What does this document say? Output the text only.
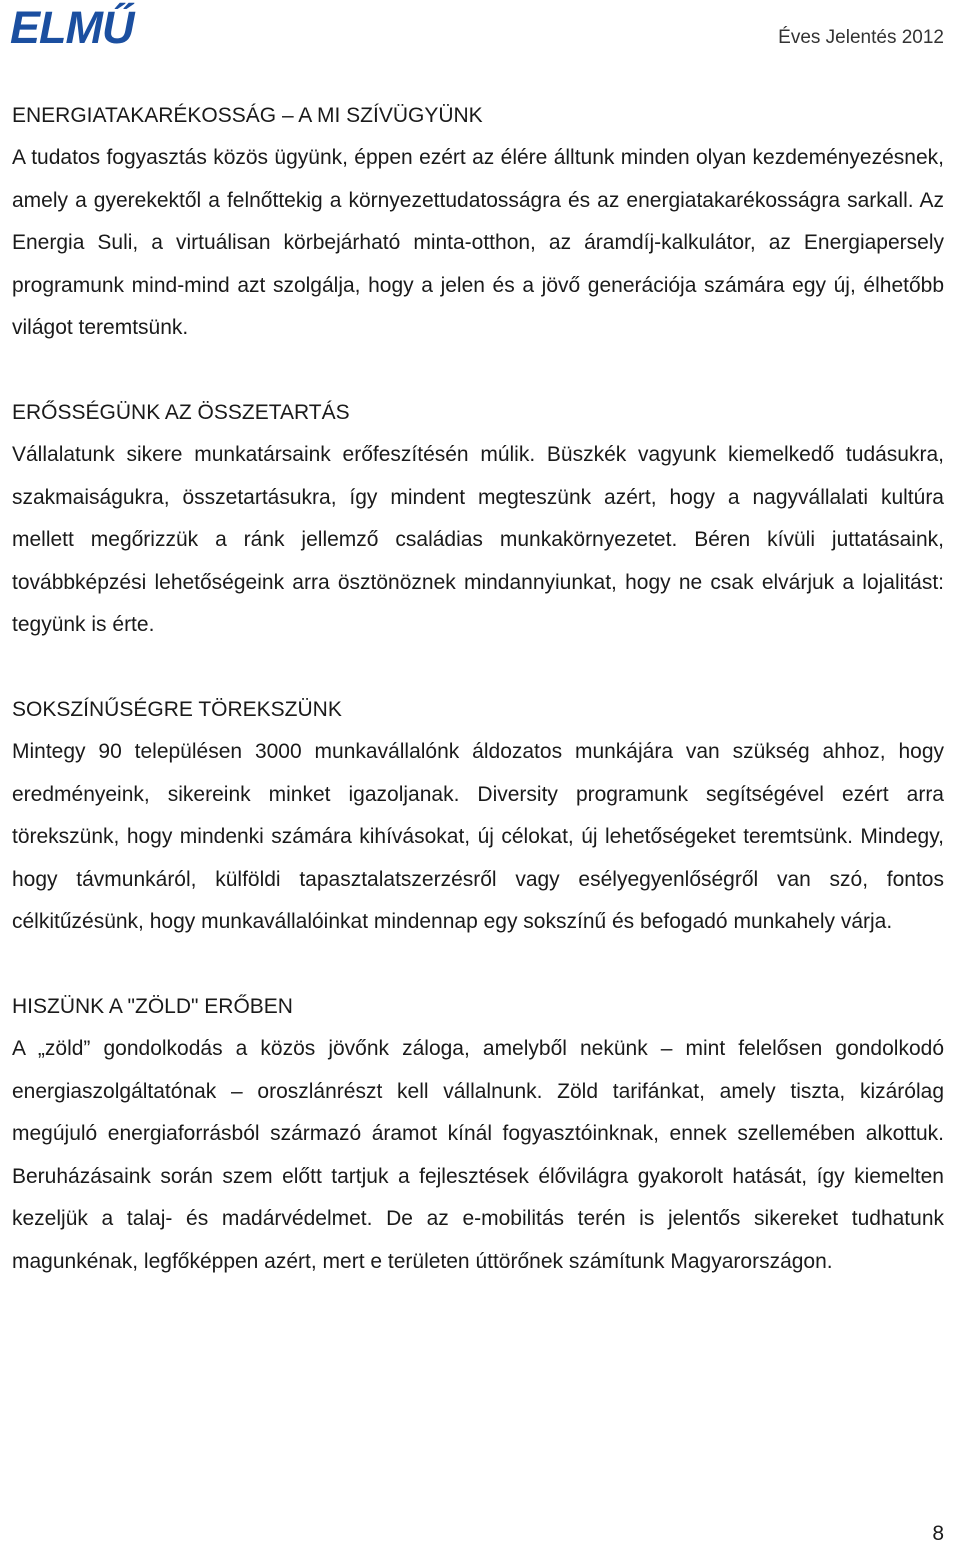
ELMŰ	Éves Jelentés 2012
ENERGIATAKARÉKOSSÁG – A MI SZÍVÜGYÜNK

A tudatos fogyasztás közös ügyünk, éppen ezért az élére álltunk minden olyan kezdeményezésnek, amely a gyerekektől a felnőttekig a környezettudatosságra és az energiatakarékosságra sarkall. Az Energia Suli, a virtuálisan körbejárható minta-otthon, az áramdíj-kalkulátor, az Energiapersely programunk mind-mind azt szolgálja, hogy a jelen és a jövő generációja számára egy új, élhetőbb világot teremtsünk.

ERŐSSÉGÜNK AZ ÖSSZETARTÁS

Vállalatunk sikere munkatársaink erőfeszítésén múlik. Büszkék vagyunk kiemelkedő tudásukra, szakmaiságukra, összetartásukra, így mindent megteszünk azért, hogy a nagyvállalati kultúra mellett megőrizzük a ránk jellemző családias munkakörnyezetet. Béren kívüli juttatásaink, továbbképzési lehetőségeink arra ösztönöznek mindannyiunkat, hogy ne csak elvárjuk a lojalitást: tegyünk is érte.

SOKSZÍNŰSÉGRE TÖREKSZÜNK

Mintegy 90 településen 3000 munkavállalónk áldozatos munkájára van szükség ahhoz, hogy eredményeink, sikereink minket igazoljanak. Diversity programunk segítségével ezért arra törekszünk, hogy mindenki számára kihívásokat, új célokat, új lehetőségeket teremtsünk. Mindegy, hogy távmunkáról, külföldi tapasztalatszerzésről vagy esélyegyenlőségről van szó, fontos célkitűzésünk, hogy munkavállalóinkat mindennap egy sokszínű és befogadó munkahely várja.

HISZÜNK A "ZÖLD" ERŐBEN

A „zöld” gondolkodás a közös jövőnk záloga, amelyből nekünk – mint felelősen gondolkodó energiaszolgáltatónak – oroszlánrészt kell vállalnunk. Zöld tarifánkat, amely tiszta, kizárólag megújuló energiaforrásból származó áramot kínál fogyasztóinknak, ennek szellemében alkottuk. Beruházásaink során szem előtt tartjuk a fejlesztések élővilágra gyakorolt hatását, így kiemelten kezeljük a talaj- és madárvédelmet. De az e-mobilitás terén is jelentős sikereket tudhatunk magunkénak, legfőképpen azért, mert e területen úttörőnek számítunk Magyarországon.

8
